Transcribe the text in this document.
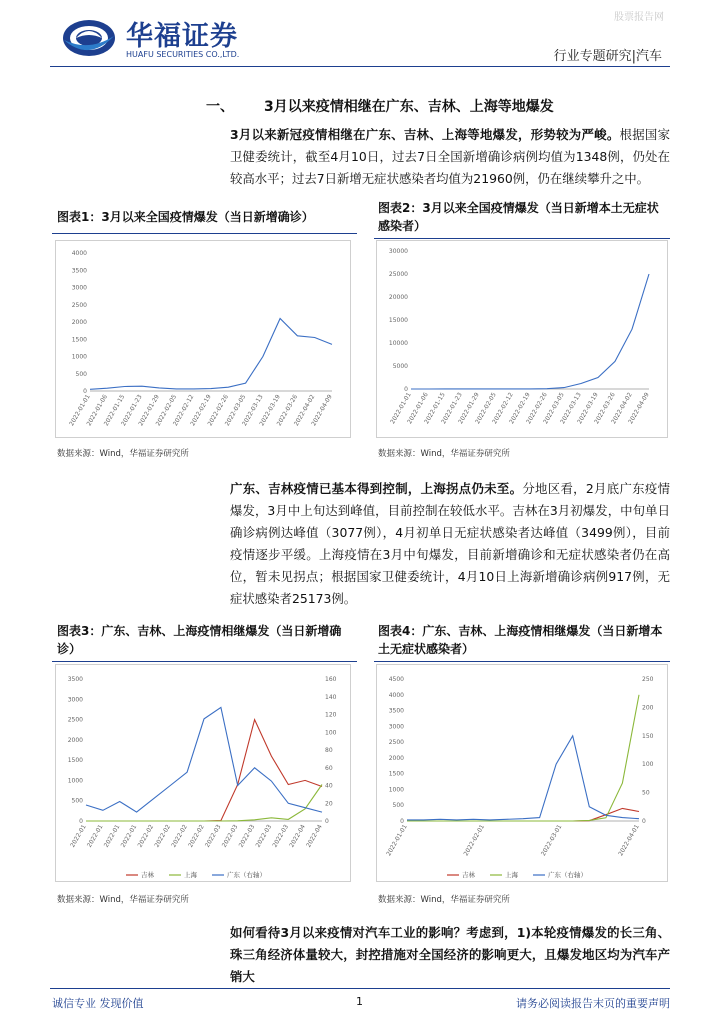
股票报告网
华福证券
HUAFU SECURITIES CO.,LTD.	行业专题研究|汽车
一、 3月以来疫情相继在广东、吉林、上海等地爆发
3月以来新冠疫情相继在广东、吉林、上海等地爆发，形势较为严峻。根据国家卫健委统计，截至4月10日，过去7日全国新增确诊病例均值为1348例，仍处在较高水平；过去7日新增无症状感染者均值为21960例，仍在继续攀升之中。
图表1：3月以来全国疫情爆发（当日新增确诊）
0
500
1000
1500
2000
2500
3000
3500
4000
2022-01-01
2022-01-06
2022-01-15
2022-01-23
2022-01-29
2022-02-05
2022-02-12
2022-02-19
2022-02-26
2022-03-05
2022-03-13
2022-03-19
2022-03-26
2022-04-02
2022-04-09
数据来源：Wind，华福证券研究所
图表2：3月以来全国疫情爆发（当日新增本土无症状感染者）
0
5000
10000
15000
20000
25000
30000
2022-01-01
2022-01-06
2022-01-15
2022-01-23
2022-01-29
2022-02-05
2022-02-12
2022-02-19
2022-02-26
2022-03-05
2022-03-13
2022-03-19
2022-03-26
2022-04-02
2022-04-09
数据来源：Wind，华福证券研究所
广东、吉林疫情已基本得到控制，上海拐点仍未至。分地区看，2月底广东疫情爆发，3月中上旬达到峰值，目前控制在较低水平。吉林在3月初爆发，中旬单日确诊病例达峰值（3077例），4月初单日无症状感染者达峰值（3499例），目前疫情逐步平缓。上海疫情在3月中旬爆发，目前新增确诊和无症状感染者仍在高位，暂未见拐点；根据国家卫健委统计，4月10日上海新增确诊病例917例，无症状感染者25173例。
图表3：广东、吉林、上海疫情相继爆发（当日新增确诊）
0
500
1000
1500
2000
2500
3000
3500
0
20
40
60
80
100
120
140
160
2022-01
2022-01
2022-01
2022-01
2022-02
2022-02
2022-02
2022-02
2022-03
2022-03
2022-03
2022-03
2022-03
2022-04
2022-04
吉林	上海	广东（右轴）
数据来源：Wind，华福证券研究所
图表4：广东、吉林、上海疫情相继爆发（当日新增本土无症状感染者）
0
500
1000
1500
2000
2500
3000
3500
4000
4500
0
50
100
150
200
250
2022-01-01	2022-02-01	2022-03-01	2022-04-01
吉林	上海	广东（右轴）
数据来源：Wind，华福证券研究所
如何看待3月以来疫情对汽车工业的影响？考虑到，1)本轮疫情爆发的长三角、珠三角经济体量较大，封控措施对全国经济的影响更大，且爆发地区均为汽车产销大
诚信专业 发现价值	1	请务必阅读报告末页的重要声明
